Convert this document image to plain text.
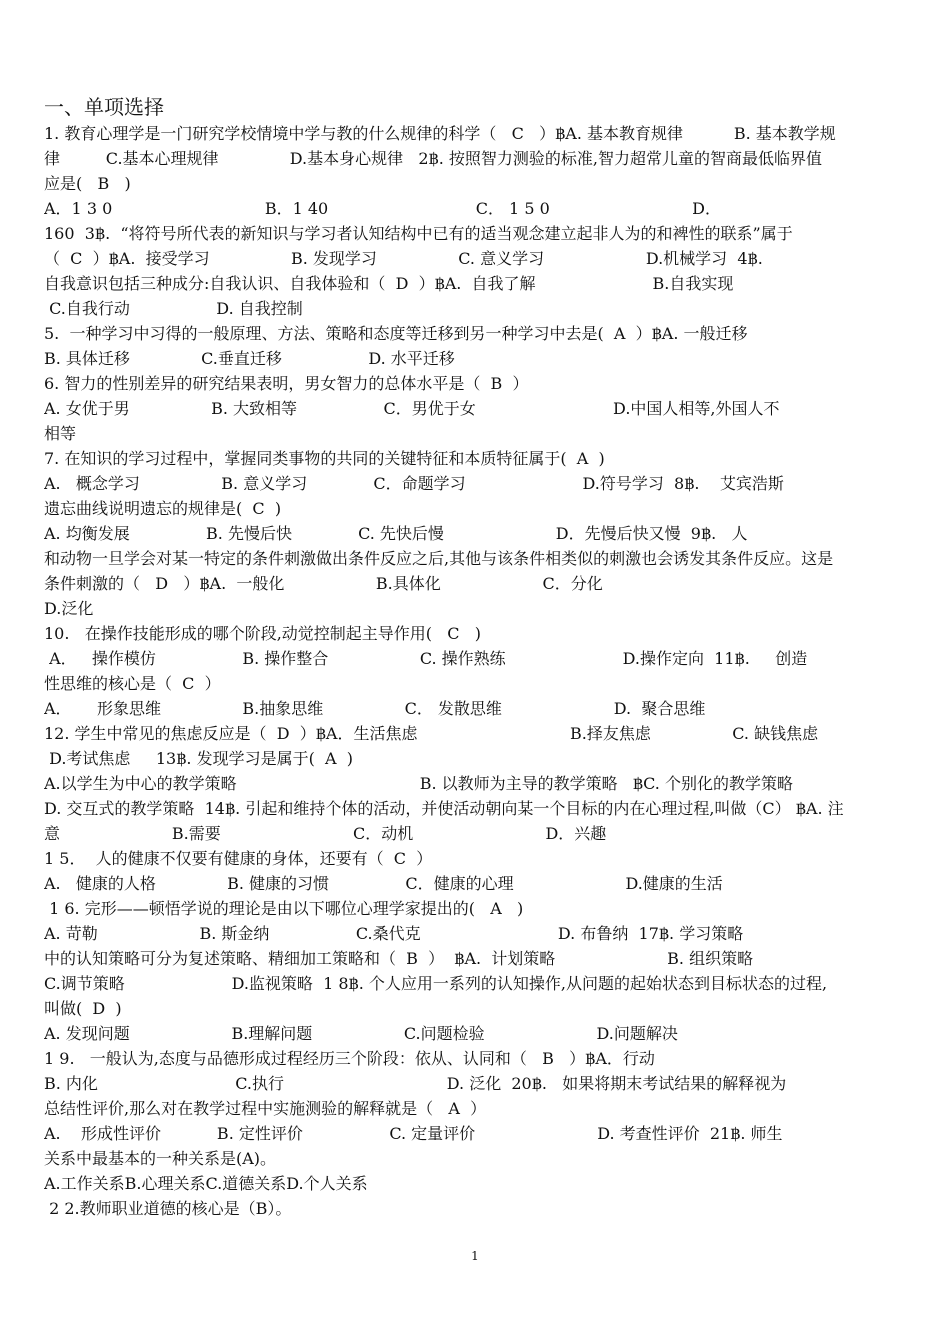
一、单项选择
1. 教育心理学是一门研究学校情境中学与教的什么规律的科学（   C   ）฿A. 基本教育规律          B. 基本教学规
律         C.基本心理规律              D.基本身心规律   2฿. 按照智力测验的标准,智力超常儿童的智商最低临界值
应是(   B   )
A．1 3 0                              B．1 40                             C． 1 5 0                            D．
160  3฿.  “将符号所代表的新知识与学习者认知结构中已有的适当观念建立起非人为的和裨性的联系”属于
（  C  ）฿A.  接受学习                B. 发现学习                C. 意义学习                    D.机械学习  4฿.
自我意识包括三种成分:自我认识、自我体验和（  D  ）฿A.  自我了解                       B.自我实现
C.自我行动                 D. 自我控制
5.  一种学习中习得的一般原理、方法、策略和态度等迁移到另一种学习中去是(  A  ）฿A. 一般迁移
B. 具体迁移              C.垂直迁移                 D. 水平迁移
6. 智力的性别差异的研究结果表明，男女智力的总体水平是（  B  ）
A. 女优于男                B. 大致相等                 C．男优于女                           D.中国人相等,外国人不
相等
7. 在知识的学习过程中，掌握同类事物的共同的关键特征和本质特征属于(  A  )
A.   概念学习                B. 意义学习             C．命题学习                       D.符号学习  8฿.    艾宾浩斯
遗忘曲线说明遗忘的规律是(  C  )
A. 均衡发展               B. 先慢后快             C. 先快后慢                      D．先慢后快又慢  9฿.   人
和动物一旦学会对某一特定的条件刺激做出条件反应之后,其他与该条件相类似的刺激也会诱发其条件反应。这是
条件刺激的（   D   ）฿A.  一般化                  B.具体化                    C．分化
D.泛化
10.   在操作技能形成的哪个阶段,动觉控制起主导作用(   C   )
A．   操作模仿                 B. 操作整合                  C. 操作熟练                       D.操作定向  11฿.     创造
性思维的核心是（  C  ）
A．     形象思维                B.抽象思维                C． 发散思维                      D.  聚合思维
12. 学生中常见的焦虑反应是（  D  ）฿A．生活焦虑                              B.择友焦虑                C. 缺钱焦虑
D.考试焦虑     13฿. 发现学习是属于(  A  )
A.以学生为中心的教学策略                                    B. 以教师为主导的教学策略   ฿C. 个别化的教学策略
D. 交互式的教学策略  14฿. 引起和维持个体的活动，并使活动朝向某一个目标的内在心理过程,叫做（C） ฿A. 注
意                      B.需要                          C．动机                          D．兴趣
1 5．  人的健康不仅要有健康的身体，还要有（  C  ）
A.   健康的人格              B. 健康的习惯               C．健康的心理                      D.健康的生活
1 6. 完形——顿悟学说的理论是由以下哪位心理学家提出的(   A   )
A. 苛勒                    B. 斯金纳                 C.桑代克                           D. 布鲁纳  17฿. 学习策略
中的认知策略可分为复述策略、精细加工策略和（  B  ）  ฿A.  计划策略                      B. 组织策略
C.调节策略                     D.监视策略  1 8฿. 个人应用一系列的认知操作,从问题的起始状态到目标状态的过程,
叫做(  D  )
A. 发现问题                    B.理解问题                  C.问题检验                      D.问题解决
1 9.   一般认为,态度与品德形成过程经历三个阶段：依从、认同和（   B   ）฿A．行动
B. 内化                           C.执行                                D. 泛化  20฿.   如果将期末考试结果的解释视为
总结性评价,那么对在教学过程中实施测验的解释就是（   A  ）
A.    形成性评价           B. 定性评价                 C. 定量评价                        D. 考查性评价  21฿. 师生
关系中最基本的一种关系是(A)。
A.工作关系B.心理关系C.道德关系D.个人关系
2 2.教师职业道德的核心是（B）。
1
